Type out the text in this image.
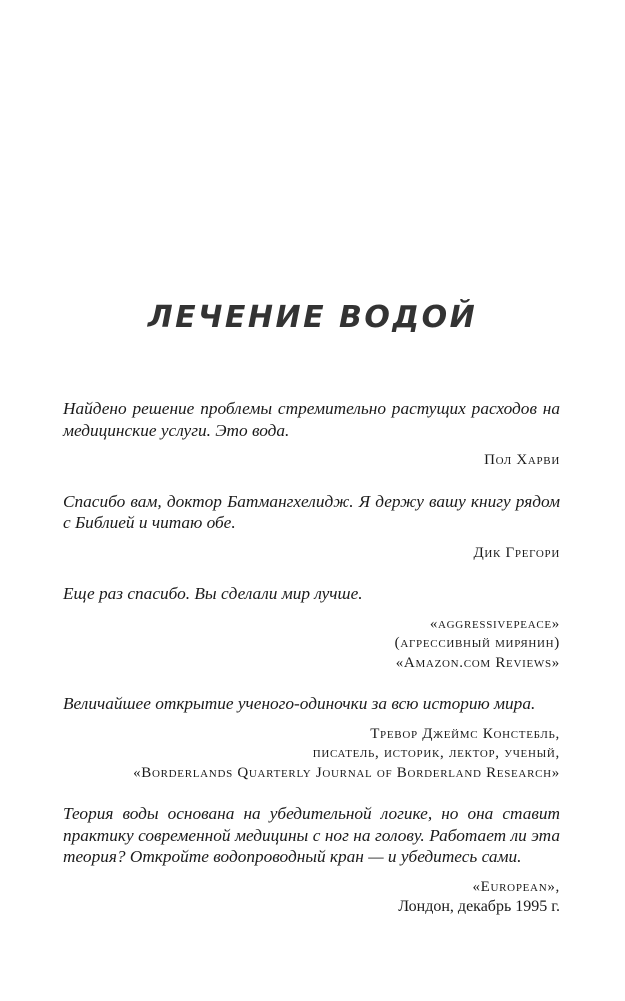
ЛЕЧЕНИЕ ВОДОЙ

Найдено решение проблемы стремительно растущих расходов на медицинские услуги. Это вода.

Пол Харви

Спасибо вам, доктор Батмангхелидж. Я держу вашу книгу рядом с Библией и читаю обе.

Дик Грегори

Еще раз спасибо. Вы сделали мир лучше.

«aggressivepeace»
(агрессивный мирянин)
«Amazon.com Reviews»

Величайшее открытие ученого-одиночки за всю историю мира.

Тревор Джеймс Констебль,
писатель, историк, лектор, ученый,
«Borderlands Quarterly Journal of Borderland Research»

Теория воды основана на убедительной логике, но она ставит практику современной медицины с ног на голову. Работает ли эта теория? Откройте водопроводный кран — и убедитесь сами.

«European»,
Лондон, декабрь 1995 г.
